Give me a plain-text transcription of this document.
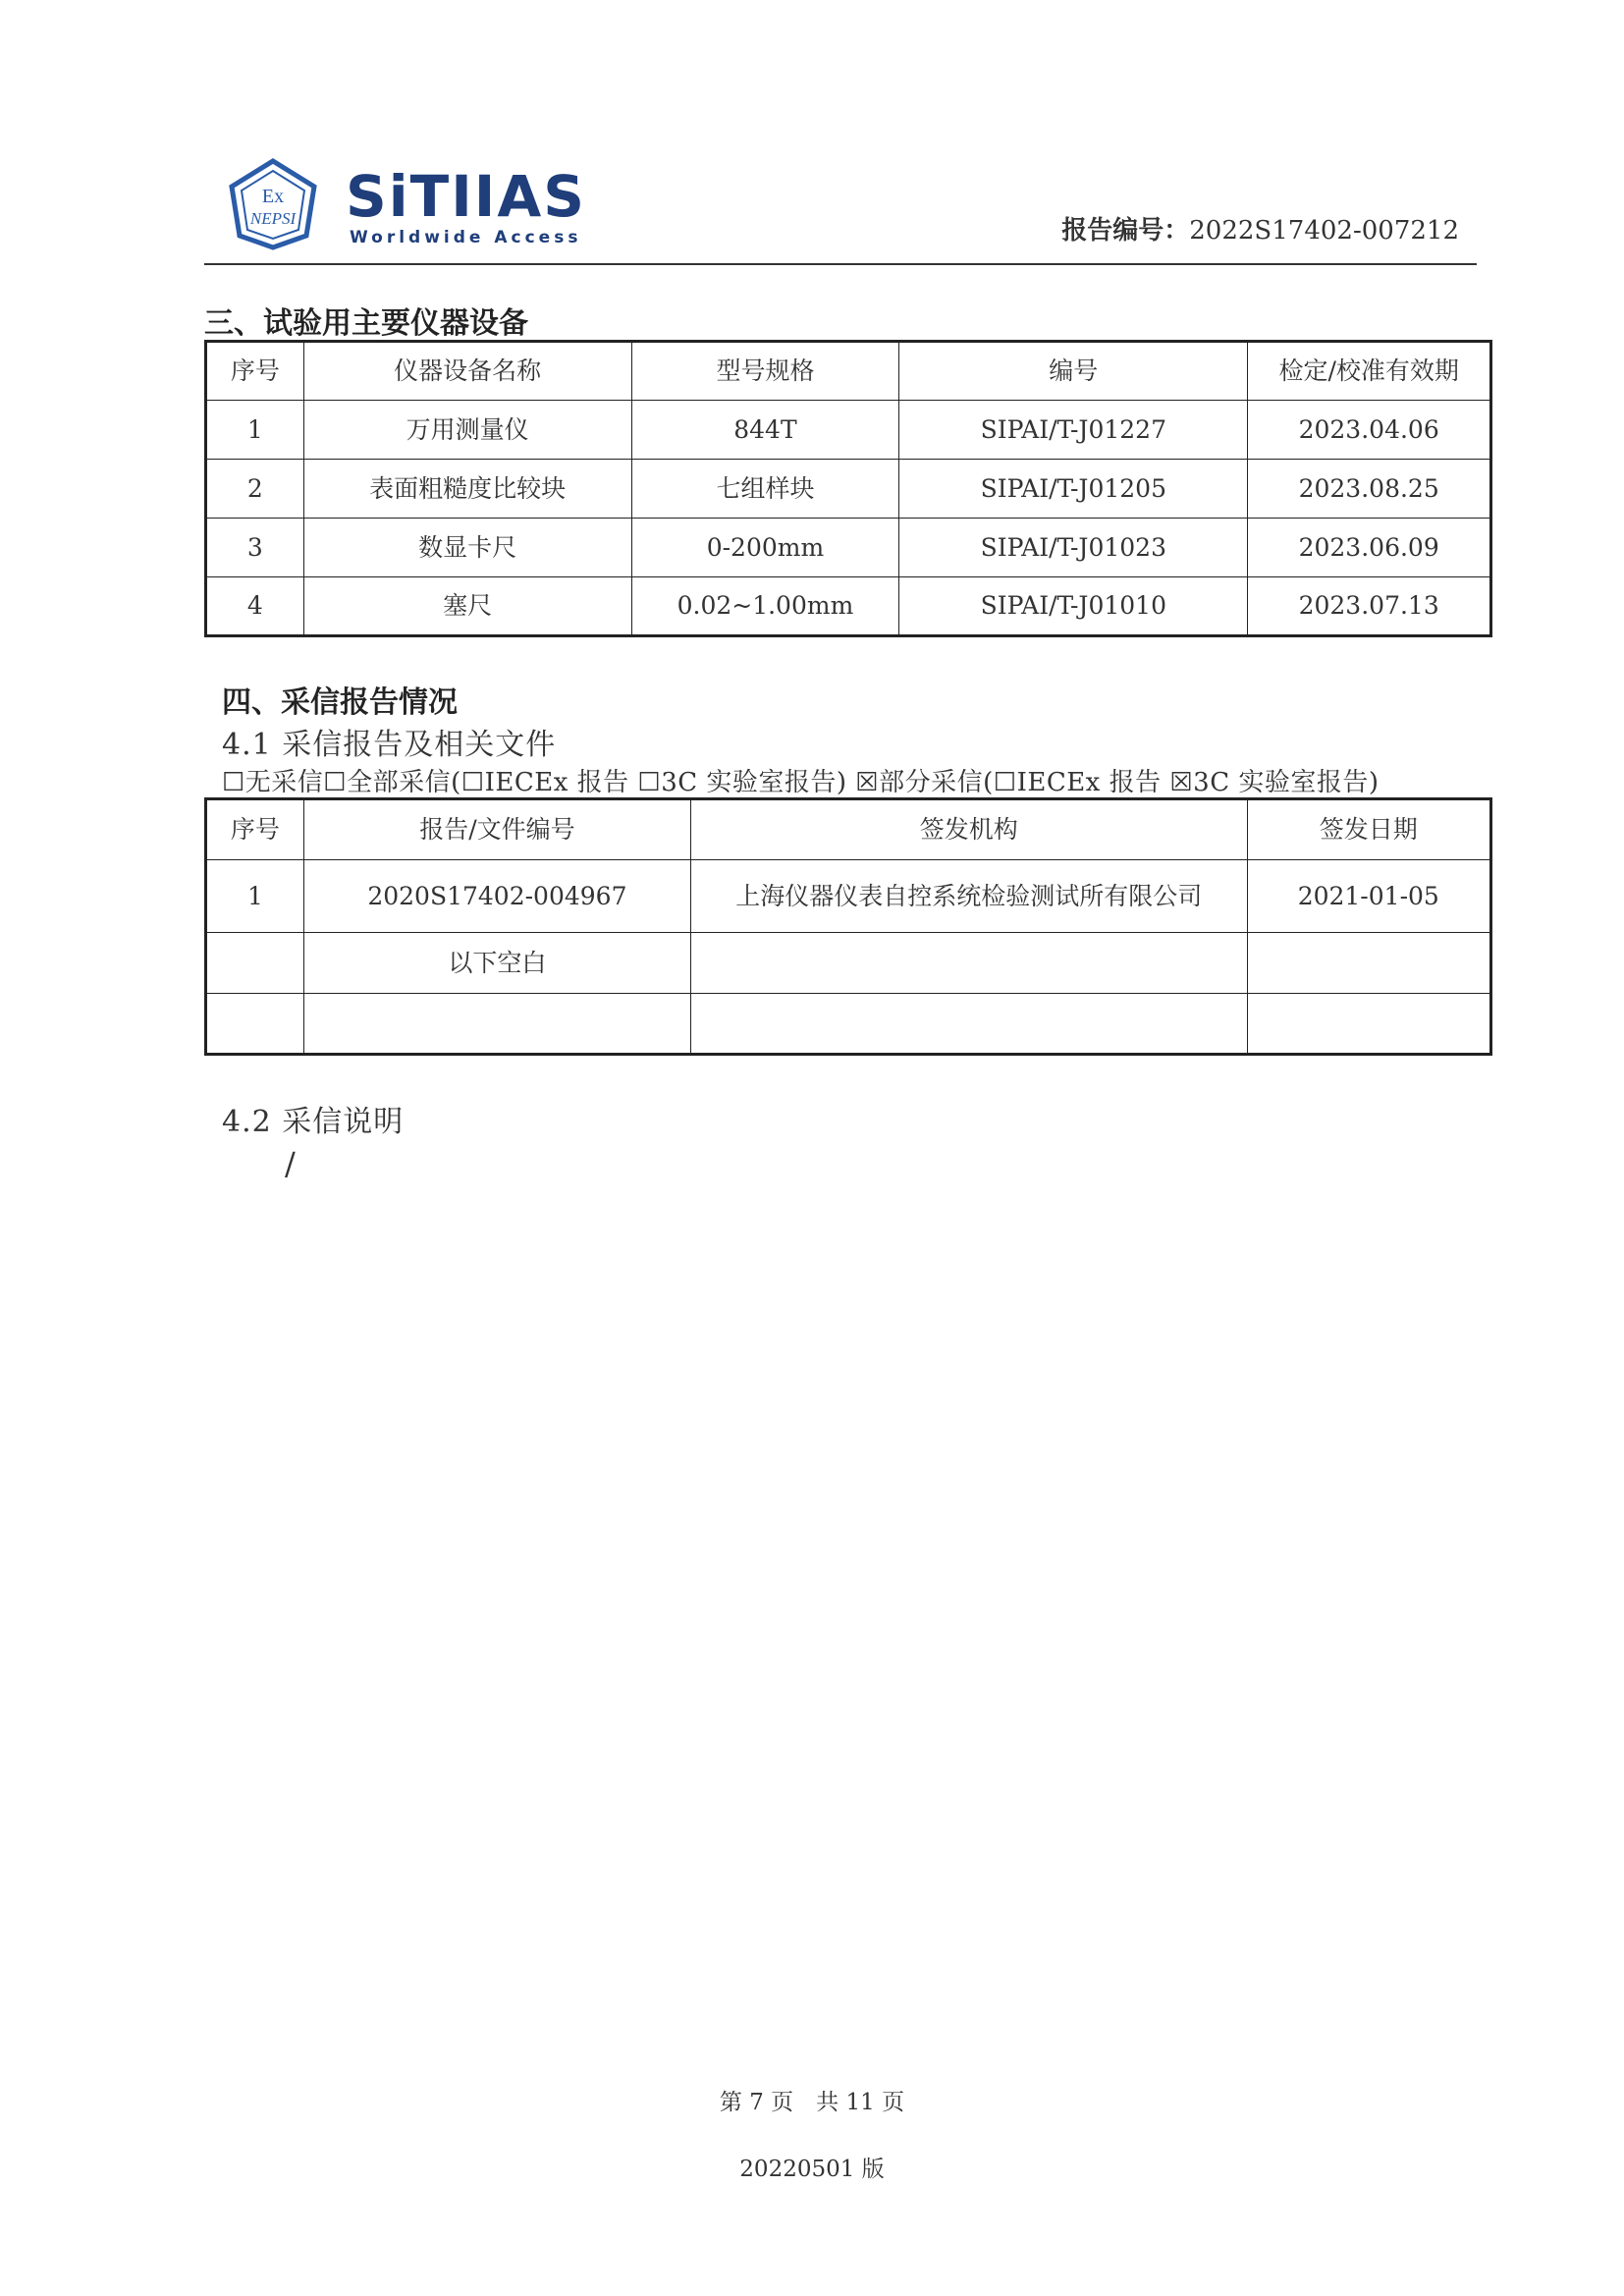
Ex
NEPSI SiTIIAS
Worldwide Access	报告编号：2022S17402-007212
三、试验用主要仪器设备
序号	仪器设备名称	型号规格	编号	检定/校准有效期
1	万用测量仪	844T	SIPAI/T-J01227	2023.04.06
2	表面粗糙度比较块	七组样块	SIPAI/T-J01205	2023.08.25
3	数显卡尺	0-200mm	SIPAI/T-J01023	2023.06.09
4	塞尺	0.02~1.00mm	SIPAI/T-J01010	2023.07.13
四、采信报告情况
4.1 采信报告及相关文件
☐无采信☐全部采信(☐IECEx 报告 ☐3C 实验室报告) ☒部分采信(☐IECEx 报告 ☒3C 实验室报告)
序号	报告/文件编号	签发机构	签发日期
1	2020S17402-004967	上海仪器仪表自控系统检验测试所有限公司	2021-01-05
	以下空白		

4.2 采信说明
/
第 7 页　共 11 页
20220501 版
